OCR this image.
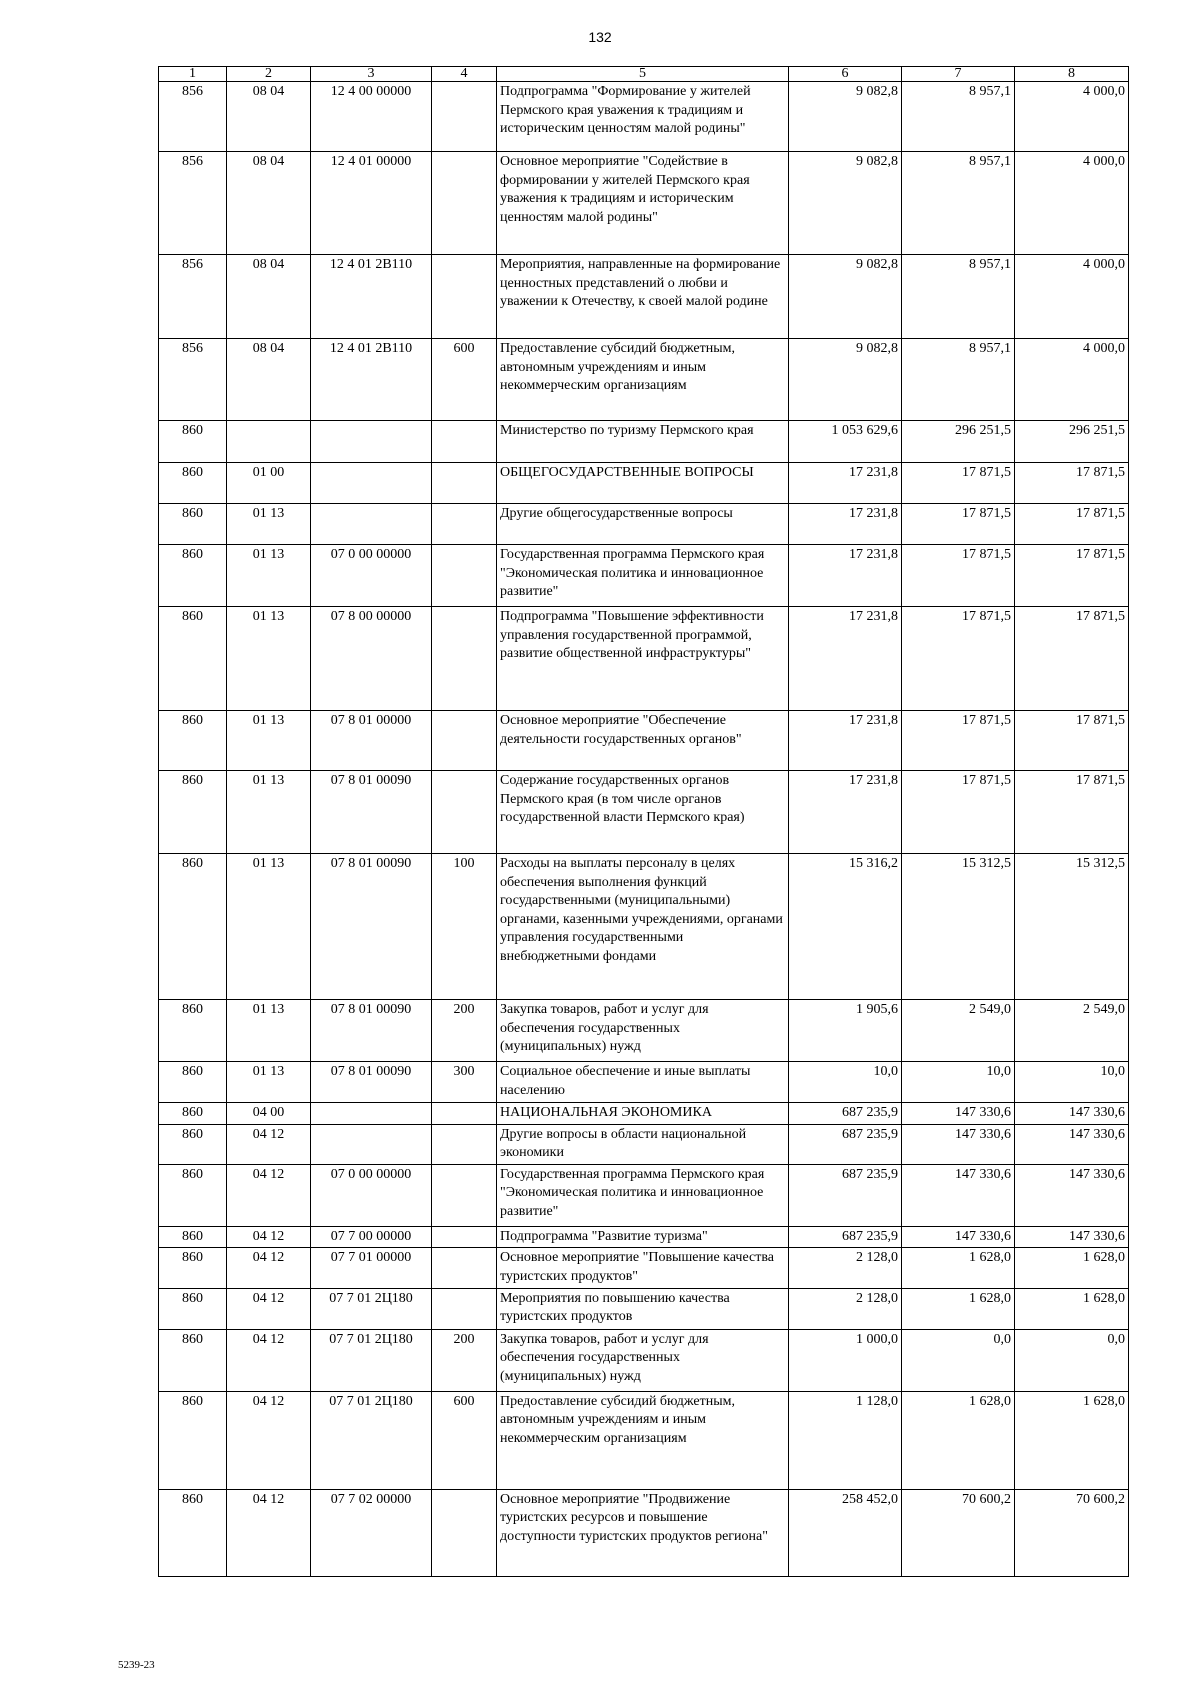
132
1	2	3	4	5	6	7	8
856	08 04	12 4 00 00000		Подпрограмма "Формирование у жителей Пермского края уважения к традициям и историческим ценностям малой родины"	9 082,8	8 957,1	4 000,0
856	08 04	12 4 01 00000		Основное мероприятие "Содействие в формировании у жителей Пермского края уважения к традициям и историческим ценностям малой родины"	9 082,8	8 957,1	4 000,0
856	08 04	12 4 01 2В110		Мероприятия, направленные на формирование ценностных представлений о любви и уважении к Отечеству, к своей малой родине	9 082,8	8 957,1	4 000,0
856	08 04	12 4 01 2В110	600	Предоставление субсидий бюджетным, автономным учреждениям и иным некоммерческим организациям	9 082,8	8 957,1	4 000,0
860				Министерство по туризму Пермского края	1 053 629,6	296 251,5	296 251,5
860	01 00			ОБЩЕГОСУДАРСТВЕННЫЕ ВОПРОСЫ	17 231,8	17 871,5	17 871,5
860	01 13			Другие общегосударственные вопросы	17 231,8	17 871,5	17 871,5
860	01 13	07 0 00 00000		Государственная программа Пермского края "Экономическая политика и инновационное развитие"	17 231,8	17 871,5	17 871,5
860	01 13	07 8 00 00000		Подпрограмма "Повышение эффективности управления государственной программой, развитие общественной инфраструктуры"	17 231,8	17 871,5	17 871,5
860	01 13	07 8 01 00000		Основное мероприятие "Обеспечение деятельности государственных органов"	17 231,8	17 871,5	17 871,5
860	01 13	07 8 01 00090		Содержание государственных органов Пермского края (в том числе органов государственной власти Пермского края)	17 231,8	17 871,5	17 871,5
860	01 13	07 8 01 00090	100	Расходы на выплаты персоналу в целях обеспечения выполнения функций государственными (муниципальными) органами, казенными учреждениями, органами управления государственными внебюджетными фондами	15 316,2	15 312,5	15 312,5
860	01 13	07 8 01 00090	200	Закупка товаров, работ и услуг для обеспечения государственных (муниципальных) нужд	1 905,6	2 549,0	2 549,0
860	01 13	07 8 01 00090	300	Социальное обеспечение и иные выплаты населению	10,0	10,0	10,0
860	04 00			НАЦИОНАЛЬНАЯ ЭКОНОМИКА	687 235,9	147 330,6	147 330,6
860	04 12			Другие вопросы в области национальной экономики	687 235,9	147 330,6	147 330,6
860	04 12	07 0 00 00000		Государственная программа Пермского края "Экономическая политика и инновационное развитие"	687 235,9	147 330,6	147 330,6
860	04 12	07 7 00 00000		Подпрограмма "Развитие туризма"	687 235,9	147 330,6	147 330,6
860	04 12	07 7 01 00000		Основное мероприятие "Повышение качества туристских продуктов"	2 128,0	1 628,0	1 628,0
860	04 12	07 7 01 2Ц180		Мероприятия по повышению качества туристских продуктов	2 128,0	1 628,0	1 628,0
860	04 12	07 7 01 2Ц180	200	Закупка товаров, работ и услуг для обеспечения государственных (муниципальных) нужд	1 000,0	0,0	0,0
860	04 12	07 7 01 2Ц180	600	Предоставление субсидий бюджетным, автономным учреждениям и иным некоммерческим организациям	1 128,0	1 628,0	1 628,0
860	04 12	07 7 02 00000		Основное мероприятие "Продвижение туристских ресурсов и повышение доступности туристских продуктов региона"	258 452,0	70 600,2	70 600,2
5239-23
